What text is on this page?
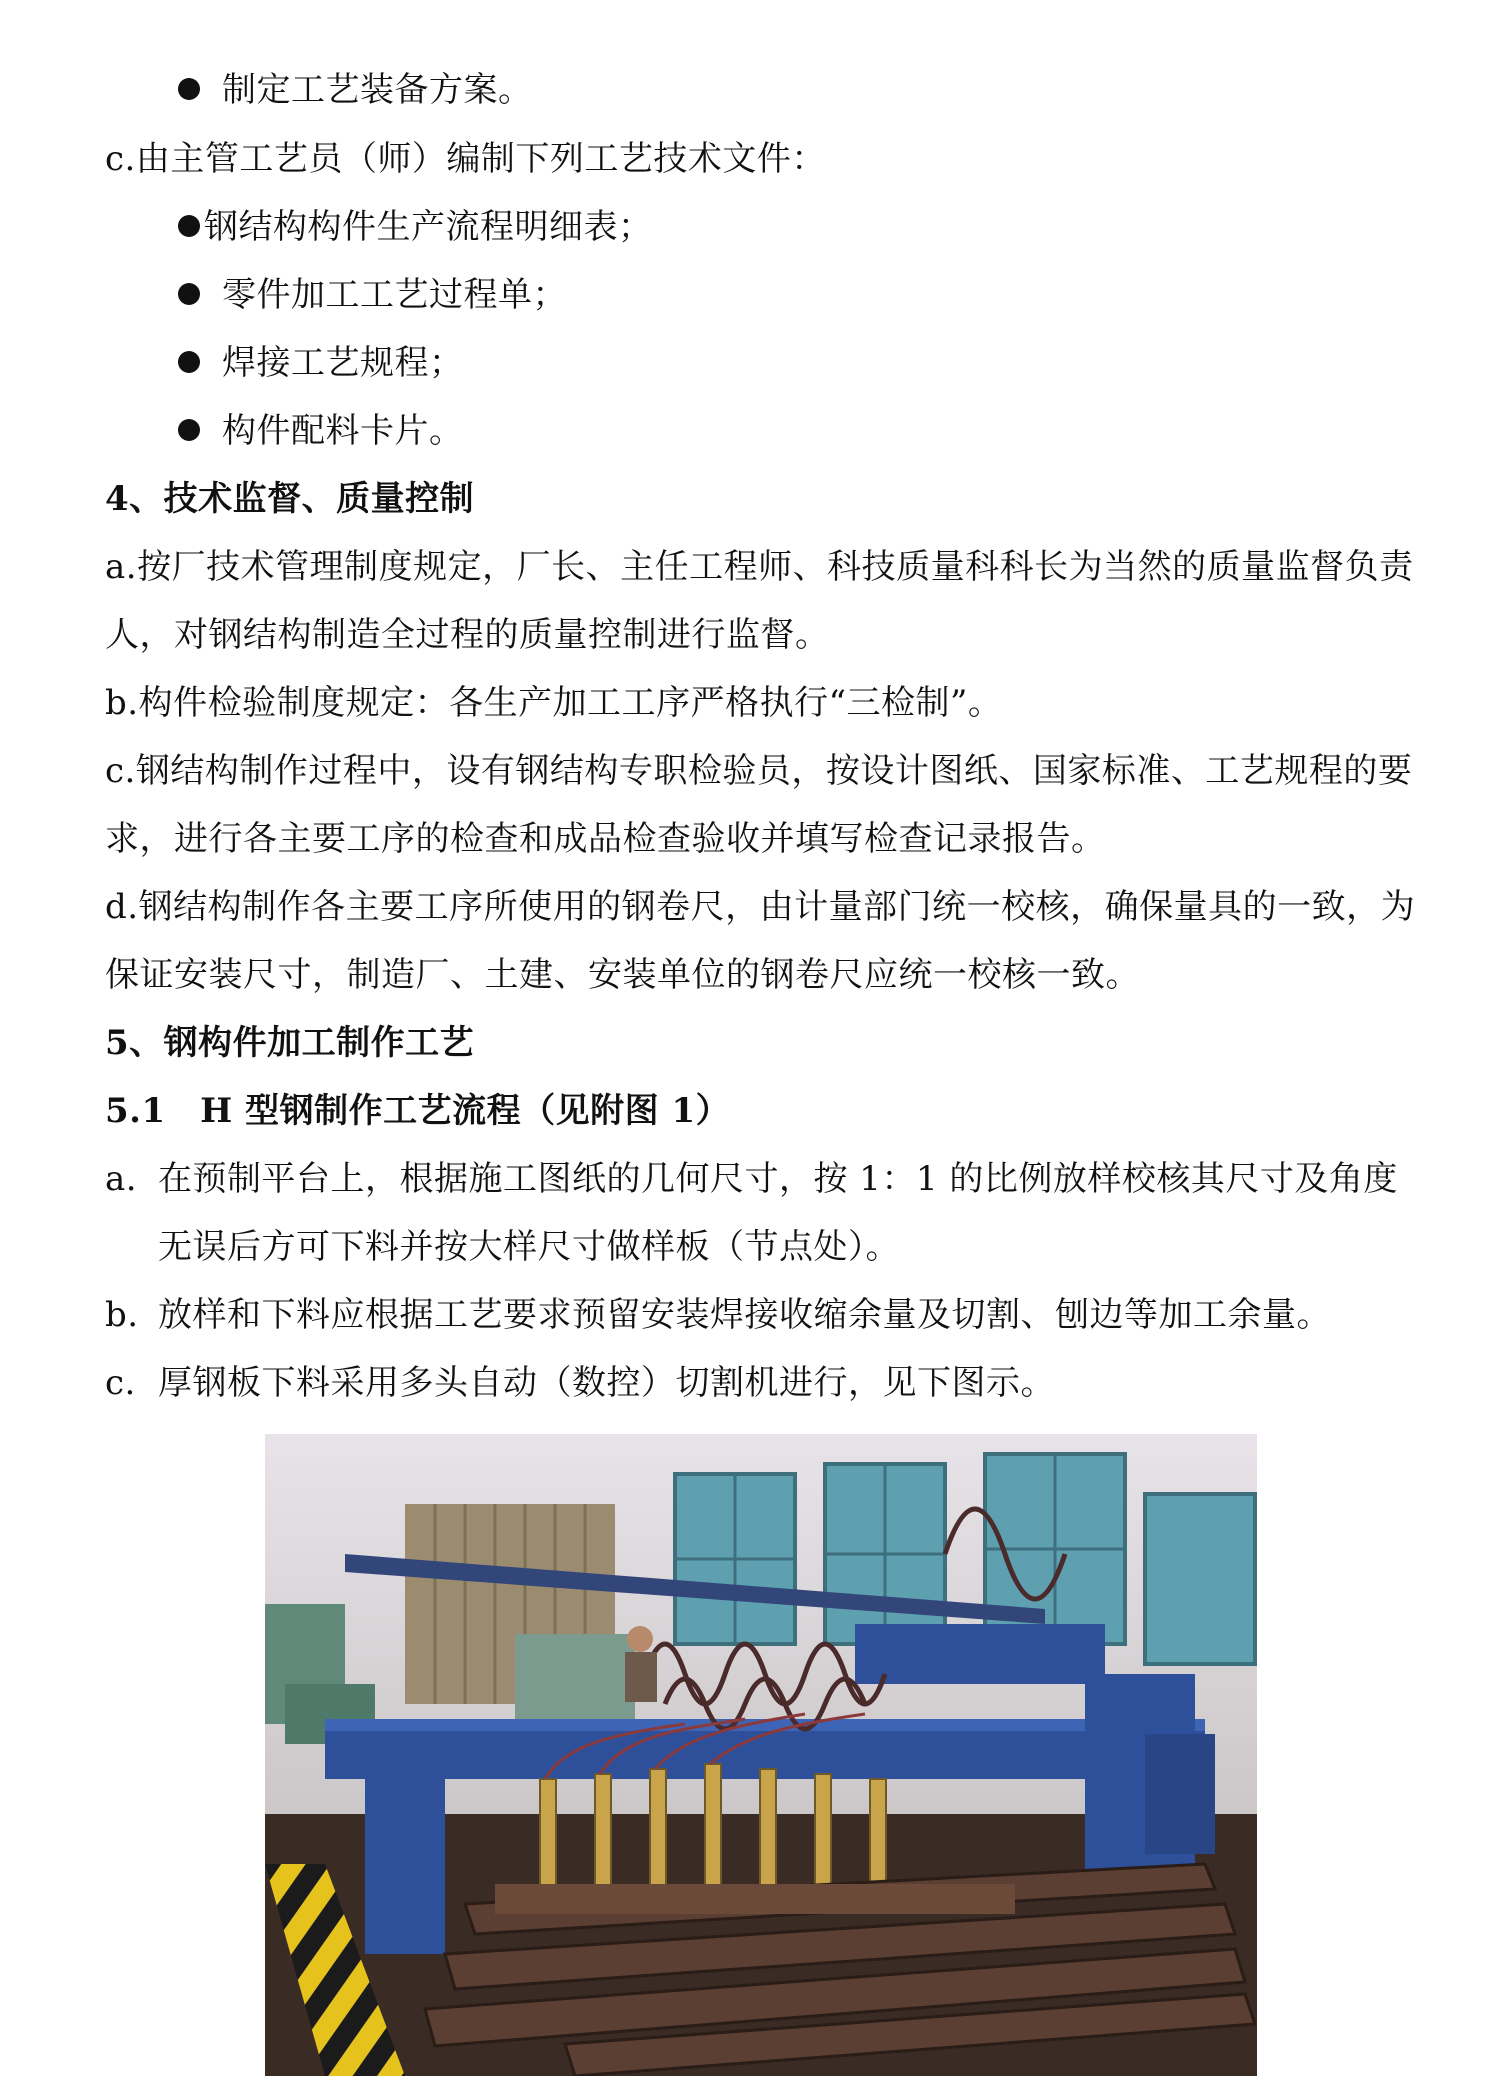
制定工艺装备方案。
c.由主管工艺员（师）编制下列工艺技术文件：
钢结构构件生产流程明细表；
零件加工工艺过程单；
焊接工艺规程；
构件配料卡片。
4、技术监督、质量控制
a.按厂技术管理制度规定，厂长、主任工程师、科技质量科科长为当然的质量监督负责
人，对钢结构制造全过程的质量控制进行监督。
b.构件检验制度规定：各生产加工工序严格执行“三检制”。
c.钢结构制作过程中，设有钢结构专职检验员，按设计图纸、国家标准、工艺规程的要
求，进行各主要工序的检查和成品检查验收并填写检查记录报告。
d.钢结构制作各主要工序所使用的钢卷尺，由计量部门统一校核，确保量具的一致，为
保证安装尺寸，制造厂、土建、安装单位的钢卷尺应统一校核一致。
5、钢构件加工制作工艺
5.1　H 型钢制作工艺流程（见附图 1）
a. 在预制平台上，根据施工图纸的几何尺寸，按 1：1 的比例放样校核其尺寸及角度
无误后方可下料并按大样尺寸做样板（节点处）。
b. 放样和下料应根据工艺要求预留安装焊接收缩余量及切割、刨边等加工余量。
c. 厚钢板下料采用多头自动（数控）切割机进行，见下图示。
